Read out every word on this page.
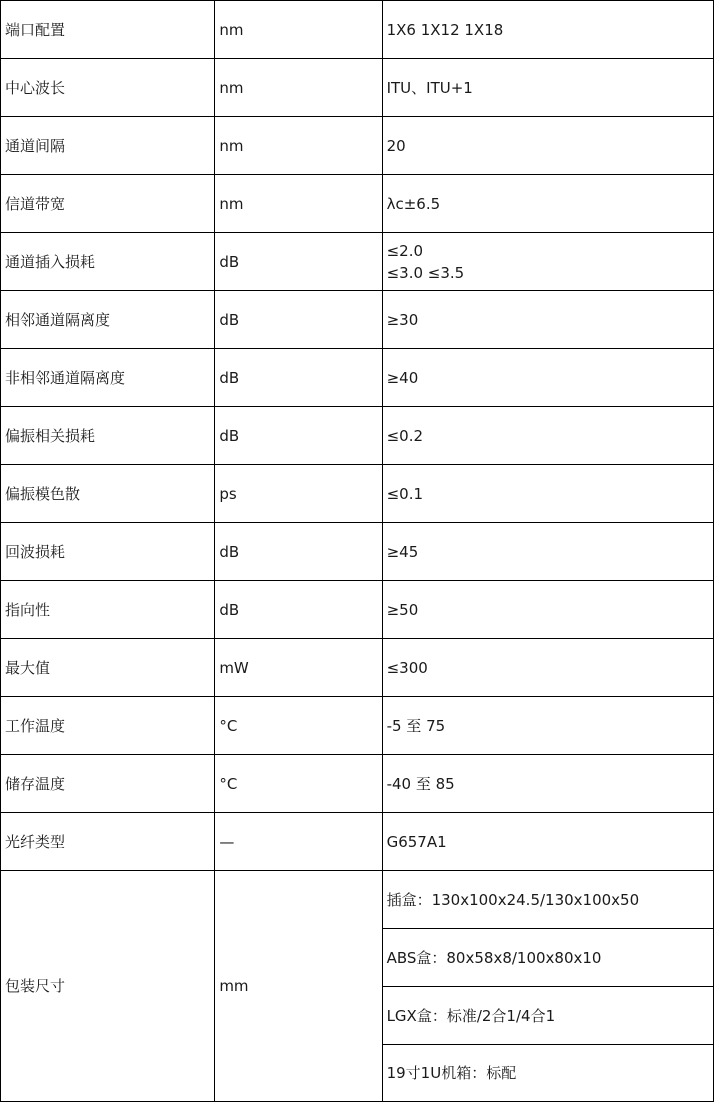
端口配置	nm	1X6 1X12 1X18
中心波长	nm	ITU、ITU+1
通道间隔	nm	20
信道带宽	nm	λc±6.5
通道插入损耗	dB	≤2.0
≤3.0 ≤3.5

相邻通道隔离度	dB	≥30
非相邻通道隔离度	dB	≥40
偏振相关损耗	dB	≤0.2
偏振模色散	ps	≤0.1
回波损耗	dB	≥45
指向性	dB	≥50
最大值	mW	≤300
工作温度	°C	-5 至 75
储存温度	°C	-40 至 85
光纤类型	—	G657A1
包装尺寸	mm	插盒：130x100x24.5/130x100x50
		ABS盒：80x58x8/100x80x10
		LGX盒：标准/2合1/4合1
		19寸1U机箱：标配
